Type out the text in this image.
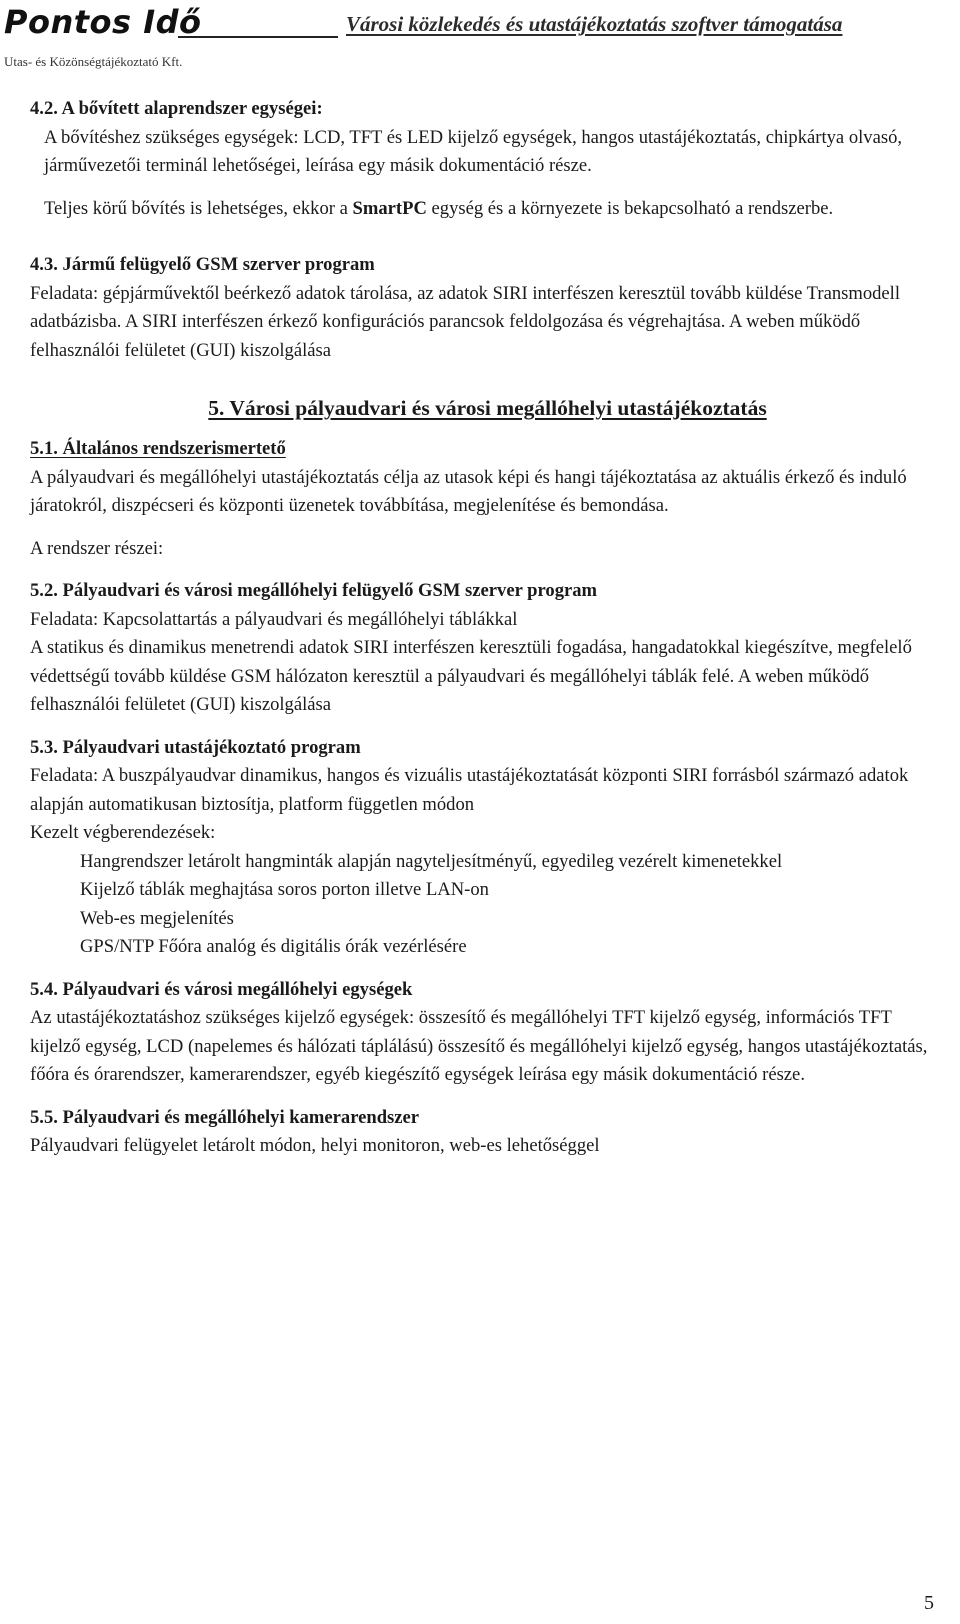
Pontos Idő	Városi közlekedés és utastájékoztatás szoftver támogatása
Utas- és Közönségtájékoztató Kft.
4.2. A bővített alaprendszer egységei:

A bővítéshez szükséges egységek: LCD, TFT és LED kijelző egységek, hangos utastájékoztatás, chipkártya olvasó, járművezetői terminál lehetőségei, leírása egy másik dokumentáció része.

Teljes körű bővítés is lehetséges, ekkor a SmartPC egység és a környezete is bekapcsolható a rendszerbe.

4.3. Jármű felügyelő GSM szerver program

Feladata: gépjárművektől beérkező adatok tárolása, az adatok SIRI interfészen keresztül tovább küldése Transmodell adatbázisba. A SIRI interfészen érkező konfigurációs parancsok feldolgozása és végrehajtása. A weben működő felhasználói felületet (GUI) kiszolgálása

5. Városi pályaudvari és városi megállóhelyi utastájékoztatás
5.1. Általános rendszerismertető

A pályaudvari és megállóhelyi utastájékoztatás célja az utasok képi és hangi tájékoztatása az aktuális érkező és induló járatokról, diszpécseri és központi üzenetek továbbítása, megjelenítése és bemondása.

A rendszer részei:

5.2. Pályaudvari és városi megállóhelyi felügyelő GSM szerver program

Feladata: Kapcsolattartás a pályaudvari és megállóhelyi táblákkal

A statikus és dinamikus menetrendi adatok SIRI interfészen keresztüli fogadása, hangadatokkal kiegészítve, megfelelő védettségű tovább küldése GSM hálózaton keresztül a pályaudvari és megállóhelyi táblák felé. A weben működő felhasználói felületet (GUI) kiszolgálása

5.3. Pályaudvari utastájékoztató program

Feladata: A buszpályaudvar dinamikus, hangos és vizuális utastájékoztatását központi SIRI forrásból származó adatok alapján automatikusan biztosítja, platform független módon

Kezelt végberendezések:

Hangrendszer letárolt hangminták alapján nagyteljesítményű, egyedileg vezérelt kimenetekkel

Kijelző táblák meghajtása soros porton illetve LAN-on

Web-es megjelenítés

GPS/NTP Főóra analóg és digitális órák vezérlésére

5.4. Pályaudvari és városi megállóhelyi egységek

Az utastájékoztatáshoz szükséges kijelző egységek: összesítő és megállóhelyi TFT kijelző egység, információs TFT kijelző egység, LCD (napelemes és hálózati táplálású) összesítő és megállóhelyi kijelző egység, hangos utastájékoztatás, főóra és órarendszer, kamerarendszer, egyéb kiegészítő egységek leírása egy másik dokumentáció része.

5.5. Pályaudvari és megállóhelyi kamerarendszer

Pályaudvari felügyelet letárolt módon, helyi monitoron, web-es lehetőséggel

5
